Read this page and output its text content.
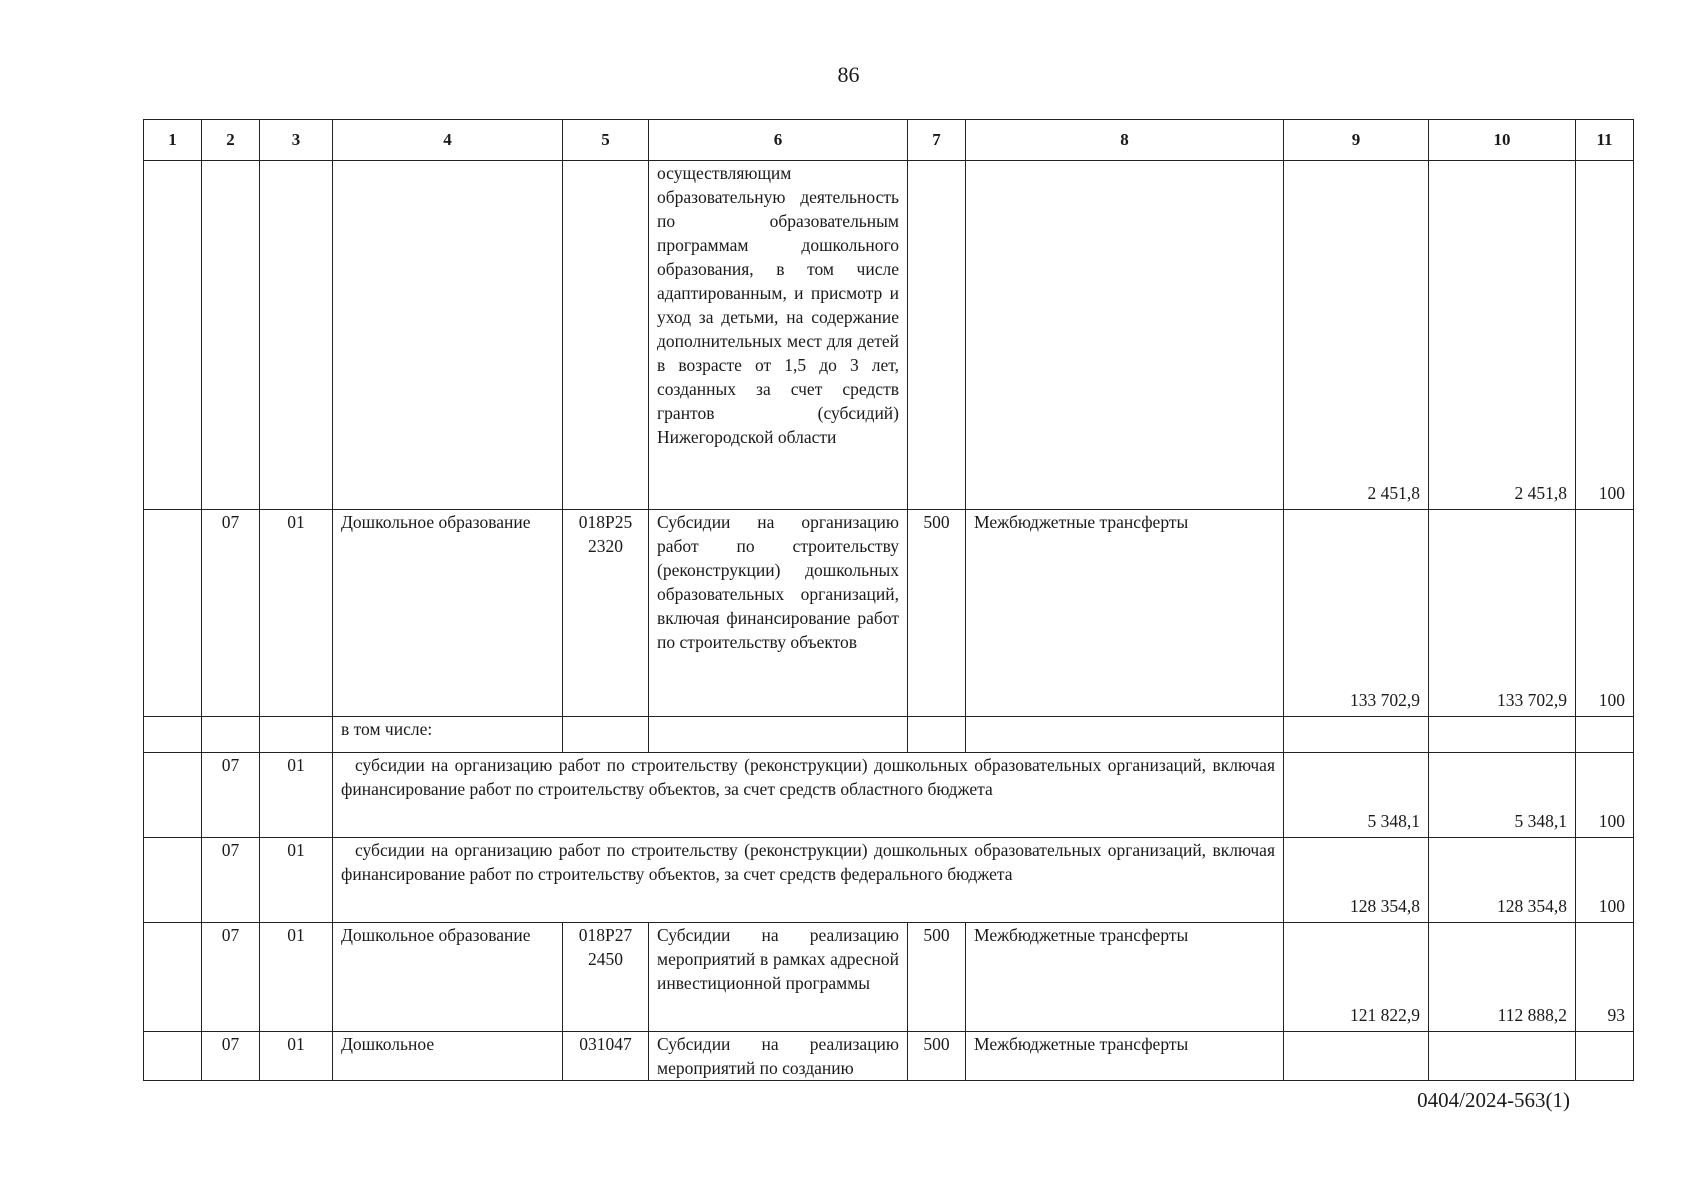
86
1	2	3	4	5	6	7	8	9	10	11
					осуществляющим образовательную деятельность по образовательным программам дошкольного образования, в том числе адаптированным, и присмотр и уход за детьми, на содержание дополнительных мест для детей в возрасте от 1,5 до 3 лет, созданных за счет средств грантов (субсидий) Нижегородской области			2 451,8	2 451,8	100
	07	01	Дошкольное образование	018Р25 2320	Субсидии на организацию работ по строительству (реконструкции) дошкольных образовательных организаций, включая финансирование работ по строительству объектов	500	Межбюджетные трансферты	133 702,9	133 702,9	100
			в том числе:							
	07	01	субсидии на организацию работ по строительству (реконструкции) дошкольных образовательных организаций, включая финансирование работ по строительству объектов, за счет средств областного бюджета					5 348,1	5 348,1	100
	07	01	субсидии на организацию работ по строительству (реконструкции) дошкольных образовательных организаций, включая финансирование работ по строительству объектов, за счет средств федерального бюджета					128 354,8	128 354,8	100
	07	01	Дошкольное образование	018Р27 2450	Субсидии на реализацию мероприятий в рамках адресной инвестиционной программы	500	Межбюджетные трансферты	121 822,9	112 888,2	93
	07	01	Дошкольное	031047	Субсидии на реализацию мероприятий по созданию	500	Межбюджетные трансферты			
0404/2024-563(1)
